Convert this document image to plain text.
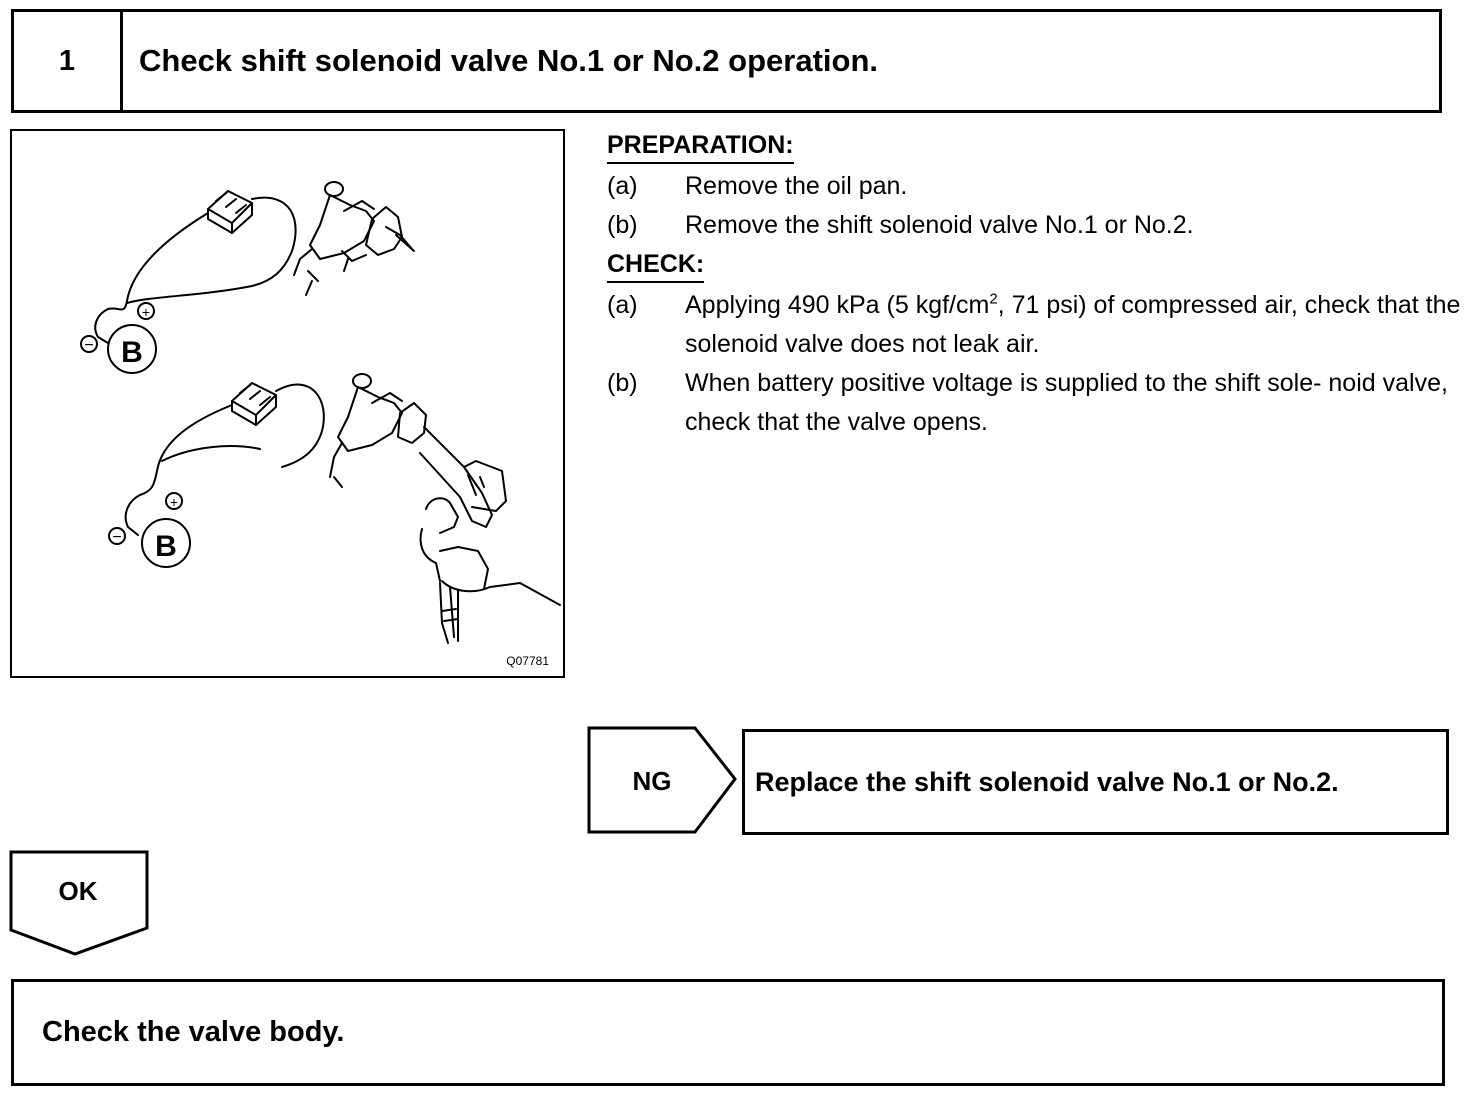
1	Check shift solenoid valve No.1 or No.2 operation.
B
+
−
B
+
−
Q07781
PREPARATION:
(a)	Remove the oil pan.
(b)	Remove the shift solenoid valve No.1 or No.2.
CHECK:
(a)	Applying 490 kPa (5 kgf/$cm^2$, 71 psi) of compressed air, check that the solenoid valve does not leak air.
(b)	When battery positive voltage is supplied to the shift sole- noid valve, check that the valve opens.
NG	Replace the shift solenoid valve No.1 or No.2.
OK
Check the valve body.
